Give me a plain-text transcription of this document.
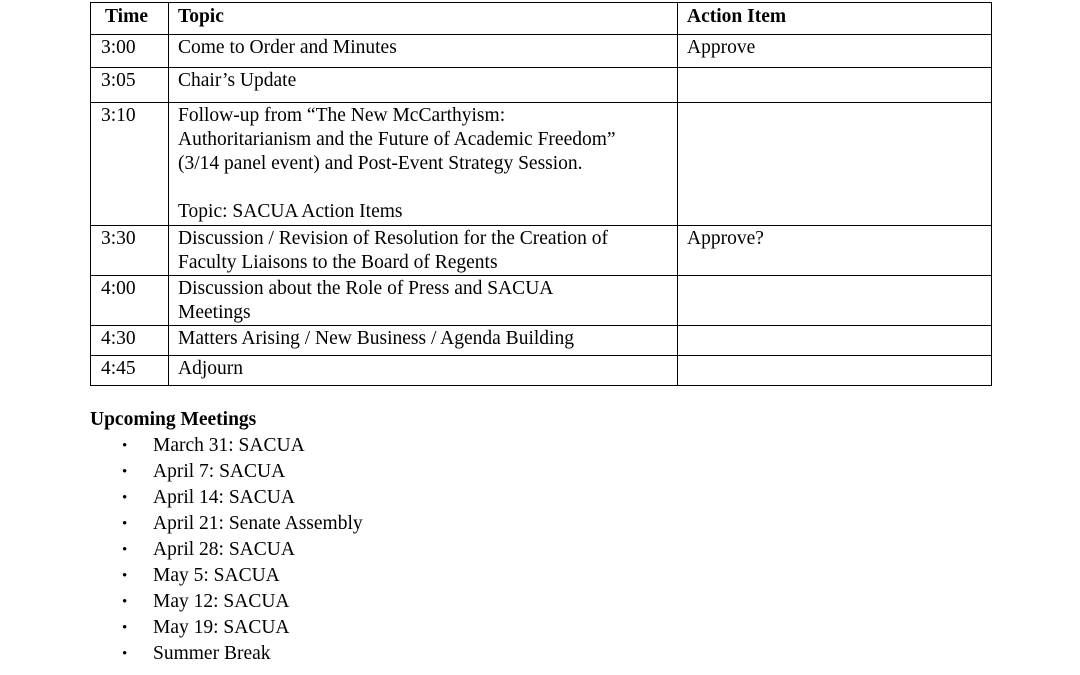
Time	Topic	Action Item
3:00	Come to Order and Minutes	Approve
3:05	Chair’s Update	

3:10	Follow-up from “The New McCarthyism:
Authoritarianism and the Future of Academic Freedom”
(3/14 panel event) and Post-Event Strategy Session.
Topic: SACUA Action Items	

3:30	Discussion / Revision of Resolution for the Creation of
Faculty Liaisons to the Board of Regents	Approve?
4:00	Discussion about the Role of Press and SACUA
Meetings	

4:30	Matters Arising / New Business / Agenda Building	

4:45	Adjourn	

Upcoming Meetings

• March 31: SACUA
• April 7: SACUA
• April 14: SACUA
• April 21: Senate Assembly
• April 28: SACUA
• May 5: SACUA
• May 12: SACUA
• May 19: SACUA
• Summer Break
